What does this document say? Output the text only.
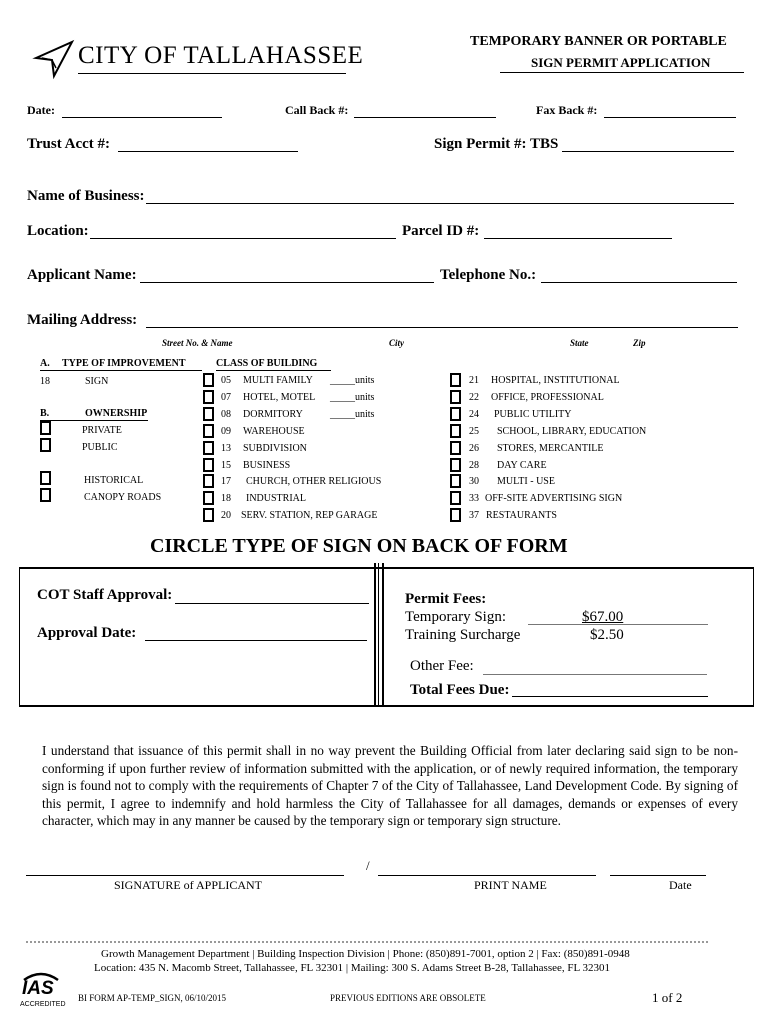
CITY OF TALLAHASSEE
TEMPORARY BANNER OR PORTABLE
SIGN PERMIT APPLICATION
Date:	Call Back #:	Fax Back #:
Trust Acct #:	Sign Permit #: TBS
Name of Business:
Location:	Parcel ID #:
Applicant Name:	Telephone No.:
Mailing Address:
Street No. & Name	City	State	Zip
A. TYPE OF IMPROVEMENT	CLASS OF BUILDING
18	SIGN
B.	OWNERSHIP
PRIVATE
PUBLIC
HISTORICAL
CANOPY ROADS
05 MULTI FAMILY _____units
07 HOTEL, MOTEL _____units
08 DORMITORY	_____units
09 WAREHOUSE
13 SUBDIVISION
15 BUSINESS
17 CHURCH, OTHER RELIGIOUS
18 INDUSTRIAL
20 SERV. STATION, REP GARAGE
21 HOSPITAL, INSTITUTIONAL
22 OFFICE, PROFESSIONAL
24 PUBLIC UTILITY
25 SCHOOL, LIBRARY, EDUCATION
26 STORES, MERCANTILE
28 DAY CARE
30 MULTI - USE
33 OFF-SITE ADVERTISING SIGN
37 RESTAURANTS
CIRCLE TYPE OF SIGN ON BACK OF FORM
COT Staff Approval:
Approval Date:
Permit Fees:
Temporary Sign:	$67.00
Training Surcharge	$2.50
Other Fee:
Total Fees Due:
I understand that issuance of this permit shall in no way prevent the Building Official from later declaring said sign to be non-conforming if upon further review of information submitted with the application, or of newly required information, the temporary sign is found not to comply with the requirements of Chapter 7 of the City of Tallahassee, Land Development Code. By signing of this permit, I agree to indemnify and hold harmless the City of Tallahassee for all damages, demands or expenses of every character, which may in any manner be caused by the temporary sign or temporary sign structure.
/
SIGNATURE of APPLICANT	PRINT NAME	Date
Growth Management Department | Building Inspection Division | Phone: (850)891-7001, option 2 | Fax: (850)891-0948
Location: 435 N. Macomb Street, Tallahassee, FL 32301 | Mailing: 300 S. Adams Street B-28, Tallahassee, FL 32301
IAS
ACCREDITED
BI FORM AP-TEMP_SIGN, 06/10/2015	PREVIOUS EDITIONS ARE OBSOLETE	1 of 2
